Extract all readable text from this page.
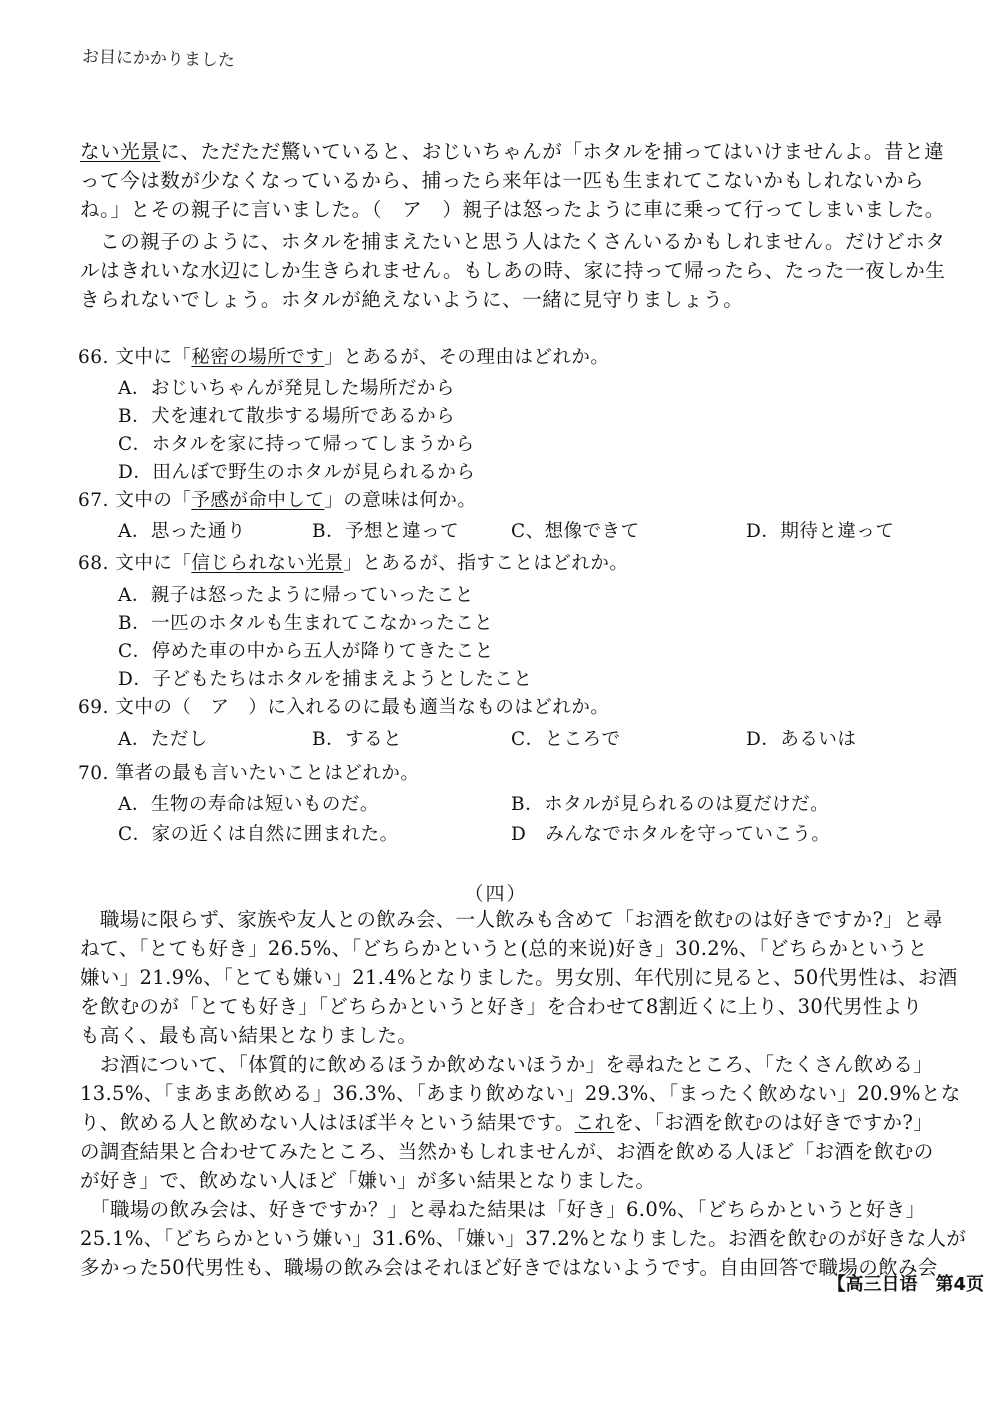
お目にかかりました
ない光景に、ただただ驚いていると、おじいちゃんが「ホタルを捕ってはいけませんよ。昔と違
って今は数が少なくなっているから、捕ったら来年は一匹も生まれてこないかもしれないから
ね。」とその親子に言いました。（　ア　）親子は怒ったように車に乗って行ってしまいました。
　この親子のように、ホタルを捕まえたいと思う人はたくさんいるかもしれません。だけどホタ
ルはきれいな水辺にしか生きられません。もしあの時、家に持って帰ったら、たった一夜しか生
きられないでしょう。ホタルが絶えないように、一緒に見守りましょう。
66. 文中に「秘密の場所です」とあるが、その理由はどれか。
A．おじいちゃんが発見した場所だから
B．犬を連れて散歩する場所であるから
C．ホタルを家に持って帰ってしまうから
D．田んぼで野生のホタルが見られるから
67. 文中の「予感が命中して」の意味は何か。
A．思った通り	B．予想と違って	C、想像できて	D．期待と違って
68. 文中に「信じられない光景」とあるが、指すことはどれか。
A．親子は怒ったように帰っていったこと
B．一匹のホタルも生まれてこなかったこと
C．停めた車の中から五人が降りてきたこと
D．子どもたちはホタルを捕まえようとしたこと
69. 文中の（　ア　）に入れるのに最も適当なものはどれか。
A．ただし	B．すると	C．ところで	D．あるいは
70. 筆者の最も言いたいことはどれか。
A．生物の寿命は短いものだ。	B．ホタルが見られるのは夏だけだ。
C．家の近くは自然に囲まれた。	D　みんなでホタルを守っていこう。
（四）
　職場に限らず、家族や友人との飲み会、一人飲みも含めて「お酒を飲むのは好きですか?」と尋
ねて、「とても好き」26.5%、「どちらかというと(总的来说)好き」30.2%、「どちらかというと
嫌い」21.9%、「とても嫌い」21.4%となりました。男女別、年代別に見ると、50代男性は、お酒
を飲むのが「とても好き」「どちらかというと好き」を合わせて8割近くに上り、30代男性より
も高く、最も高い結果となりました。
　お酒について、「体質的に飲めるほうか飲めないほうか」を尋ねたところ、「たくさん飲める」
13.5%、「まあまあ飲める」36.3%、「あまり飲めない」29.3%、「まったく飲めない」20.9%とな
り、飲める人と飲めない人はほぼ半々という結果です。これを、「お酒を飲むのは好きですか?」
の調査結果と合わせてみたところ、当然かもしれませんが、お酒を飲める人ほど「お酒を飲むの
が好き」で、飲めない人ほど「嫌い」が多い結果となりました。
　「職場の飲み会は、好きですか？」と尋ねた結果は「好き」6.0%、「どちらかというと好き」
25.1%、「どちらかという嫌い」31.6%、「嫌い」37.2%となりました。お酒を飲むのが好きな人が
多かった50代男性も、職場の飲み会はそれほど好きではないようです。自由回答で職場の飲み会
【高三日语　第4页
